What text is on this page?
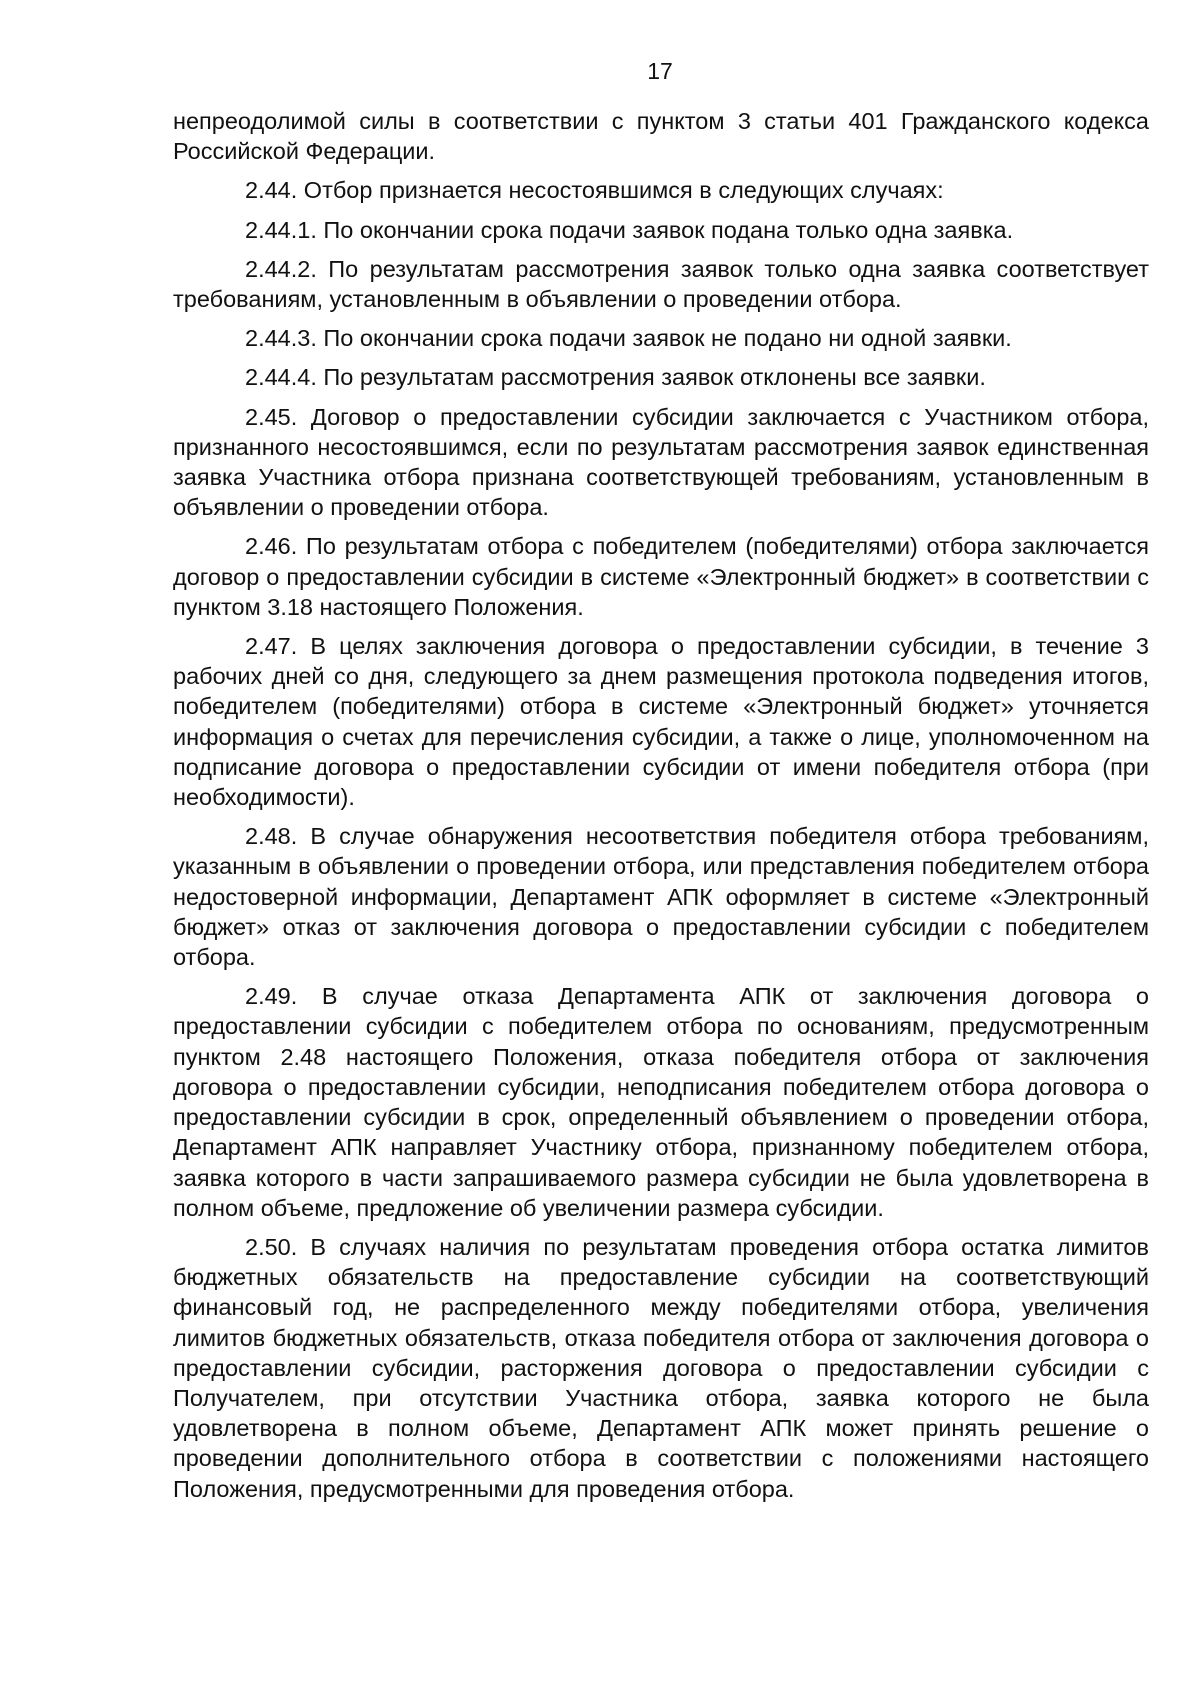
17

непреодолимой силы в соответствии с пунктом 3 статьи 401 Гражданского кодекса Российской Федерации.

2.44. Отбор признается несостоявшимся в следующих случаях:

2.44.1. По окончании срока подачи заявок подана только одна заявка.

2.44.2. По результатам рассмотрения заявок только одна заявка соответствует требованиям, установленным в объявлении о проведении отбора.

2.44.3. По окончании срока подачи заявок не подано ни одной заявки.

2.44.4. По результатам рассмотрения заявок отклонены все заявки.

2.45. Договор о предоставлении субсидии заключается с Участником отбора, признанного несостоявшимся, если по результатам рассмотрения заявок единственная заявка Участника отбора признана соответствующей требованиям, установленным в объявлении о проведении отбора.

2.46. По результатам отбора с победителем (победителями) отбора заключается договор о предоставлении субсидии в системе «Электронный бюджет» в соответствии с пунктом 3.18 настоящего Положения.

2.47. В целях заключения договора о предоставлении субсидии, в течение 3 рабочих дней со дня, следующего за днем размещения протокола подведения итогов, победителем (победителями) отбора в системе «Электронный бюджет» уточняется информация о счетах для перечисления субсидии, а также о лице, уполномоченном на подписание договора о предоставлении субсидии от имени победителя отбора (при необходимости).

2.48. В случае обнаружения несоответствия победителя отбора требованиям, указанным в объявлении о проведении отбора, или представления победителем отбора недостоверной информации, Департамент АПК оформляет в системе «Электронный бюджет» отказ от заключения договора о предоставлении субсидии с победителем отбора.

2.49. В случае отказа Департамента АПК от заключения договора о предоставлении субсидии с победителем отбора по основаниям, предусмотренным пунктом 2.48 настоящего Положения, отказа победителя отбора от заключения договора о предоставлении субсидии, неподписания победителем отбора договора о предоставлении субсидии в срок, определенный объявлением о проведении отбора, Департамент АПК направляет Участнику отбора, признанному победителем отбора, заявка которого в части запрашиваемого размера субсидии не была удовлетворена в полном объеме, предложение об увеличении размера субсидии.

2.50. В случаях наличия по результатам проведения отбора остатка лимитов бюджетных обязательств на предоставление субсидии на соответствующий финансовый год, не распределенного между победителями отбора, увеличения лимитов бюджетных обязательств, отказа победителя отбора от заключения договора о предоставлении субсидии, расторжения договора о предоставлении субсидии с Получателем, при отсутствии Участника отбора, заявка которого не была удовлетворена в полном объеме, Департамент АПК может принять решение о проведении дополнительного отбора в соответствии с положениями настоящего Положения, предусмотренными для проведения отбора.
